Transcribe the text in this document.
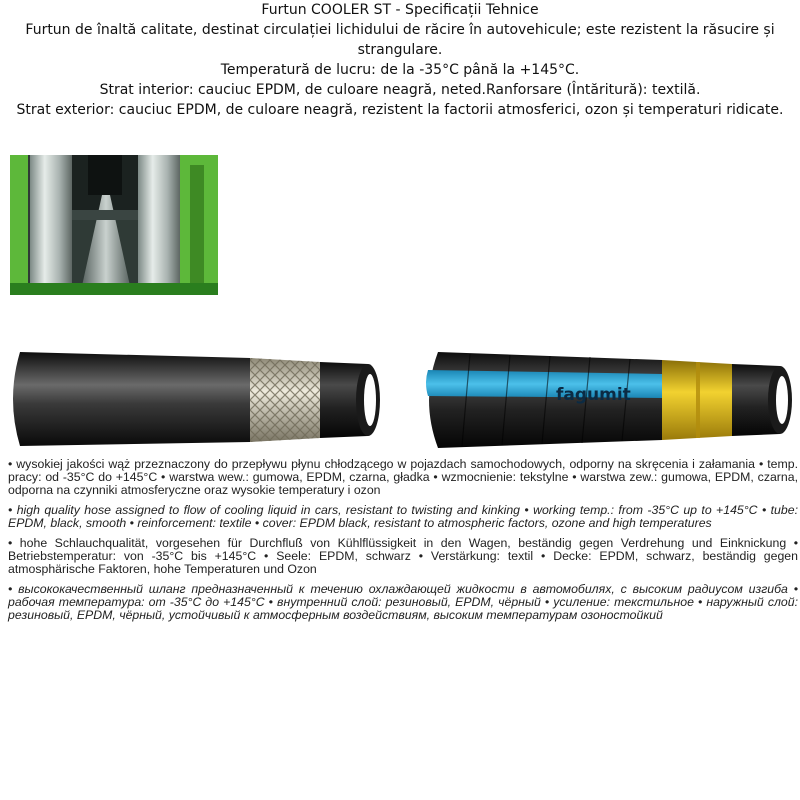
Furtun COOLER ST - Specificații Tehnice
Furtun de înaltă calitate, destinat circulației lichidului de răcire în autovehicule; este rezistent la răsucire și
strangulare.
Temperatură de lucru: de la -35°C până la +145°C.
Strat interior: cauciuc EPDM, de culoare neagră, neted.Ranforsare (Întăritură): textilă.
Strat exterior: cauciuc EPDM, de culoare neagră, rezistent la factorii atmosferici, ozon și temperaturi ridicate.
fagumit

• wysokiej jakości wąż przeznaczony do przepływu płynu chłodzącego w pojazdach samochodowych, odporny na skręcenia i załamania • temp. pracy: od -35°C do +145°C • warstwa wew.: gumowa, EPDM, czarna, gładka • wzmocnienie: tekstylne • warstwa zew.: gumowa, EPDM, czarna, odporna na czynniki atmosferyczne oraz wysokie temperatury i ozon

• high quality hose assigned to flow of cooling liquid in cars, resistant to twisting and kinking • working temp.: from -35°C up to +145°C • tube: EPDM, black, smooth • reinforcement: textile • cover: EPDM black, resistant to atmospheric factors, ozone and high temperatures

• hohe Schlauchqualität, vorgesehen für Durchfluß von Kühlflüssigkeit in den Wagen, beständig gegen Verdrehung und Einknickung • Betriebstemperatur: von -35°C bis +145°C • Seele: EPDM, schwarz • Verstärkung: textil • Decke: EPDM, schwarz, beständig gegen atmosphärische Faktoren, hohe Temperaturen und Ozon

• высококачественный шланг предназначенный к течению охлаждающей жидкости в автомобилях, с высоким радиусом изгиба • рабочая температура: от -35°C до +145°C • внутренний слой: резиновый, EPDM, чёрный • усиление: текстильное • наружный слой: резиновый, EPDM, чёрный, устойчивый к атмосферным воздействиям, высоким температурам озоностойкий
